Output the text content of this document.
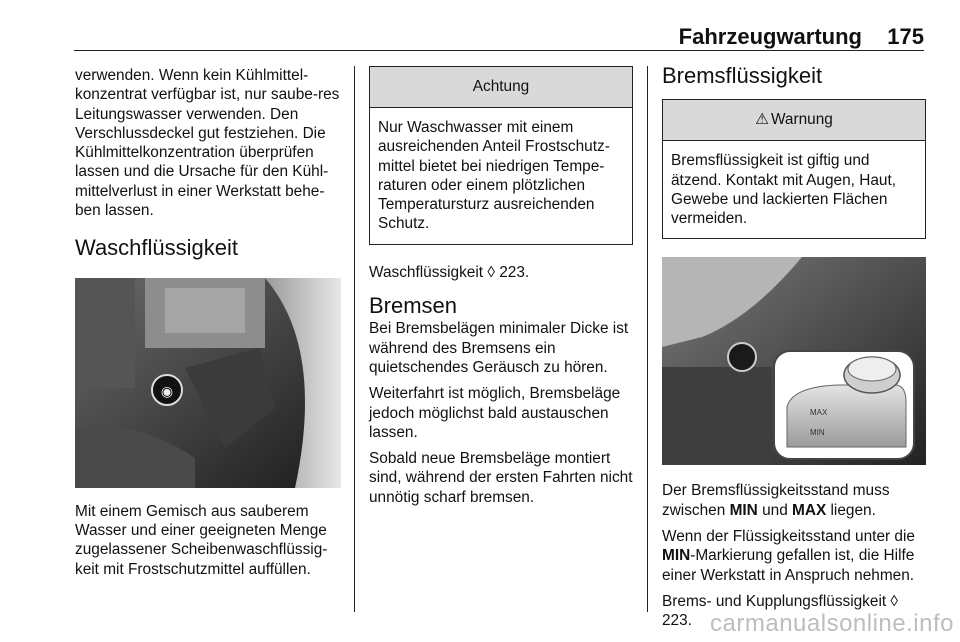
Fahrzeugwartung 175

verwenden. Wenn kein Kühlmittel-konzentrat verfügbar ist, nur saube-res Leitungswasser verwenden. Den Verschlussdeckel gut festziehen. Die Kühlmittelkonzentration überprüfen lassen und die Ursache für den Kühl-mittelverlust in einer Werkstatt behe-ben lassen.

Waschflüssigkeit
◉

Mit einem Gemisch aus sauberem Wasser und einer geeigneten Menge zugelassener Scheibenwaschflüssig-keit mit Frostschutzmittel auffüllen.

Achtung
Nur Waschwasser mit einem ausreichenden Anteil Frostschutz-mittel bietet bei niedrigen Tempe-raturen oder einem plötzlichen Temperatursturz ausreichenden Schutz.

Waschflüssigkeit ◊ 223.

Bremsen

Bei Bremsbelägen minimaler Dicke ist während des Bremsens ein quietschendes Geräusch zu hören.

Weiterfahrt ist möglich, Bremsbeläge jedoch möglichst bald austauschen lassen.

Sobald neue Bremsbeläge montiert sind, während der ersten Fahrten nicht unnötig scharf bremsen.

Bremsflüssigkeit
⚠ Warnung
Bremsflüssigkeit ist giftig und ätzend. Kontakt mit Augen, Haut, Gewebe und lackierten Flächen vermeiden.
MAX
MIN

Der Bremsflüssigkeitsstand muss zwischen MIN und MAX liegen.

Wenn der Flüssigkeitsstand unter die MIN-Markierung gefallen ist, die Hilfe einer Werkstatt in Anspruch nehmen.

Brems- und Kupplungsflüssigkeit ◊ 223. carmanualsonline.info
